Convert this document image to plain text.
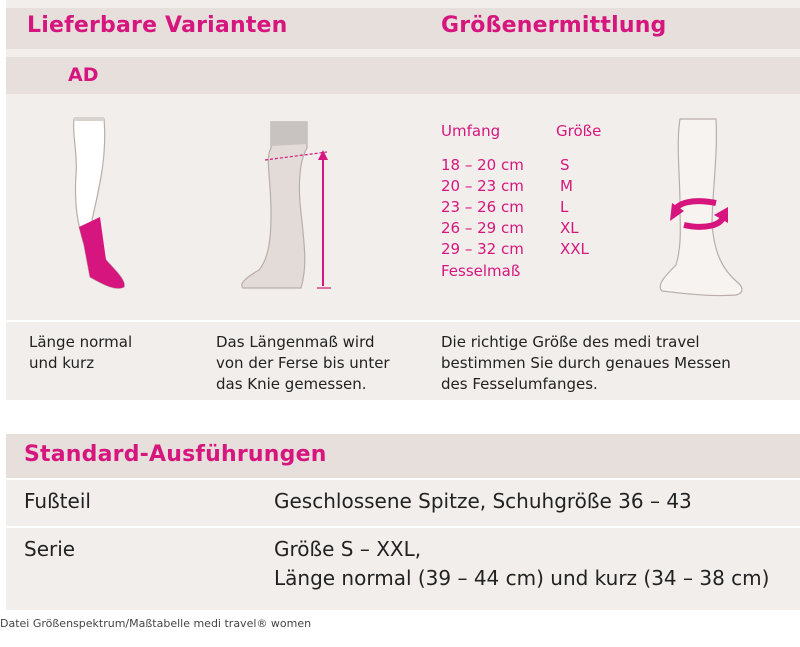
Lieferbare Varianten	Größenermittlung
AD
Umfang	Größe
18 – 20 cm S
20 – 23 cm M
23 – 26 cm L
26 – 29 cm XL
29 – 32 cm XXL
Fesselmaß
Länge normal
und kurz
Das Längenmaß wird
von der Ferse bis unter
das Knie gemessen.
Die richtige Größe des medi travel
bestimmen Sie durch genaues Messen
des Fesselumfanges.
Standard-Ausführungen
Fußteil	Geschlossene Spitze, Schuhgröße 36 – 43
Serie	Größe S – XXL,
Länge normal (39 – 44 cm) und kurz (34 – 38 cm)
Datei Größenspektrum/Maßtabelle medi travel® women
